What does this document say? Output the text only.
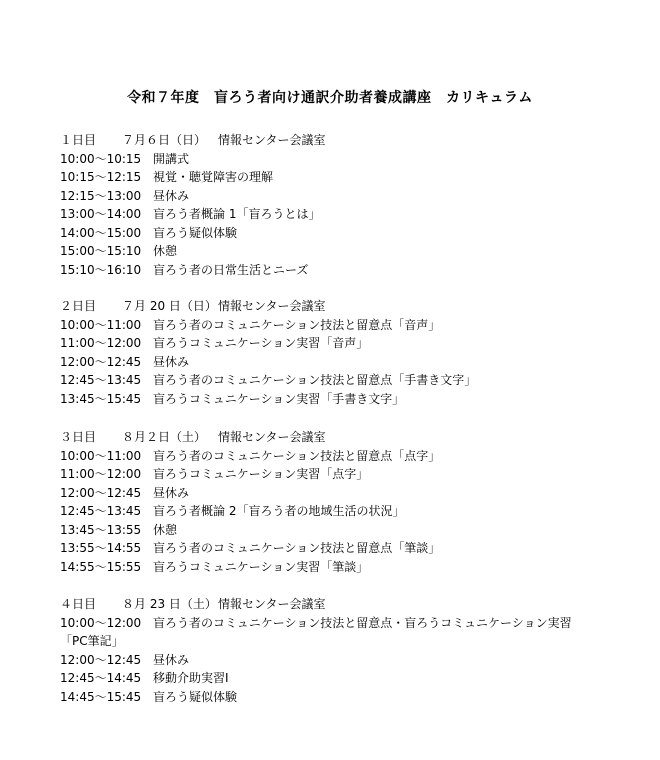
令和７年度　盲ろう者向け通訳介助者養成講座　カリキュラム
１日目 ７月６日（日） 情報センター会議室
10:00～10:15 開講式
10:15～12:15 視覚・聴覚障害の理解
12:15～13:00 昼休み
13:00～14:00 盲ろう者概論 1「盲ろうとは」
14:00～15:00 盲ろう疑似体験
15:00～15:10 休憩
15:10～16:10 盲ろう者の日常生活とニーズ
２日目 ７月 20 日（日）情報センター会議室
10:00～11:00 盲ろう者のコミュニケーション技法と留意点「音声」
11:00～12:00 盲ろうコミュニケーション実習「音声」
12:00～12:45 昼休み
12:45～13:45 盲ろう者のコミュニケーション技法と留意点「手書き文字」
13:45～15:45 盲ろうコミュニケーション実習「手書き文字」
３日目 ８月２日（土） 情報センター会議室
10:00～11:00 盲ろう者のコミュニケーション技法と留意点「点字」
11:00～12:00 盲ろうコミュニケーション実習「点字」
12:00～12:45 昼休み
12:45～13:45 盲ろう者概論 2「盲ろう者の地域生活の状況」
13:45～13:55 休憩
13:55～14:55 盲ろう者のコミュニケーション技法と留意点「筆談」
14:55～15:55 盲ろうコミュニケーション実習「筆談」
４日目 ８月 23 日（土）情報センター会議室
10:00～12:00 盲ろう者のコミュニケーション技法と留意点・盲ろうコミュニケーション実習
「PC筆記」
12:00～12:45 昼休み
12:45～14:45 移動介助実習Ⅰ
14:45～15:45 盲ろう疑似体験
